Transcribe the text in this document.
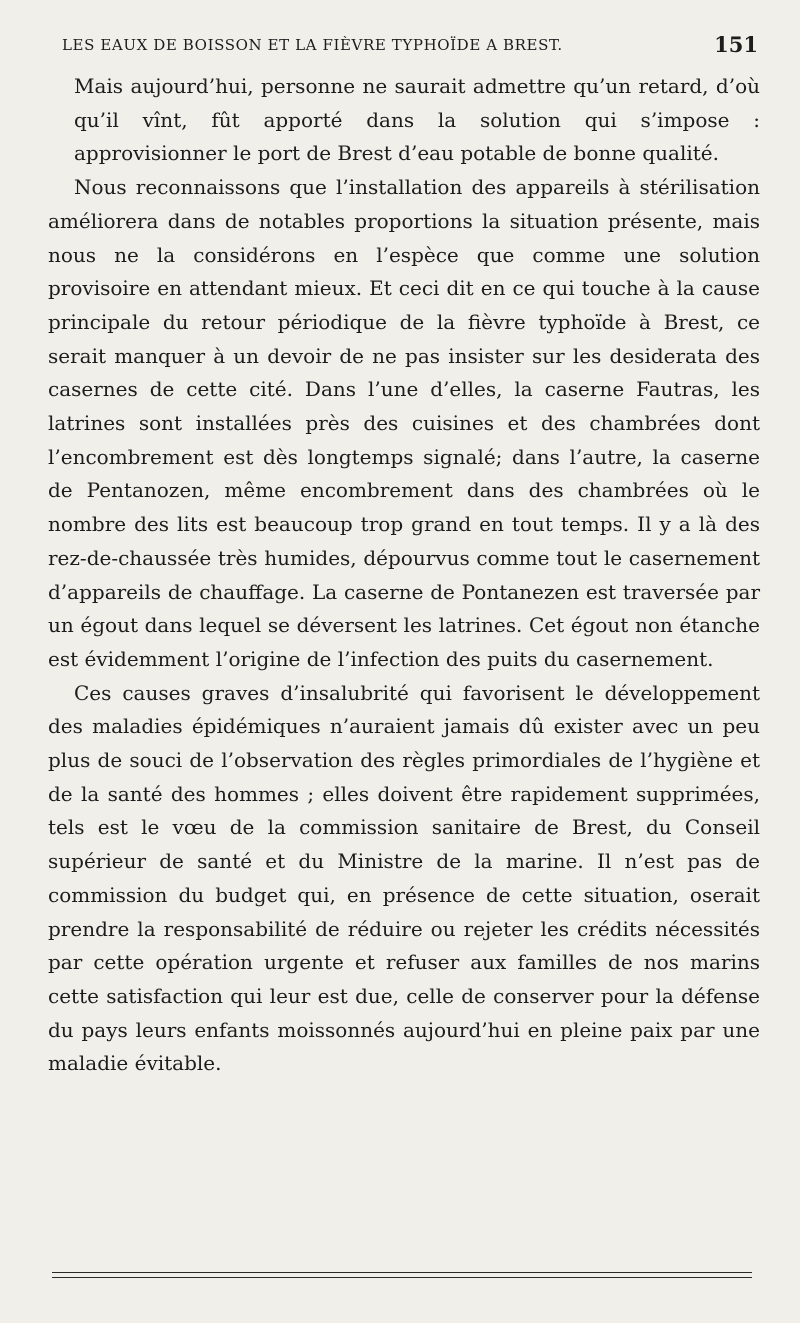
LES EAUX DE BOISSON ET LA FIÈVRE TYPHOÏDE A BREST.	151

Mais aujourd’hui, personne ne saurait admettre qu’un retard, d’où qu’il vînt, fût apporté dans la solution qui s’impose : approvisionner le port de Brest d’eau potable de bonne qualité.

Nous reconnaissons que l’installation des appareils à stérilisation améliorera dans de notables proportions la situation présente, mais nous ne la considérons en l’espèce que comme une solution provisoire en attendant mieux. Et ceci dit en ce qui touche à la cause principale du retour périodique de la fièvre typhoïde à Brest, ce serait manquer à un devoir de ne pas insister sur les desiderata des casernes de cette cité. Dans l’une d’elles, la caserne Fautras, les latrines sont installées près des cuisines et des chambrées dont l’encombrement est dès longtemps signalé; dans l’autre, la caserne de Pentanozen, même encombrement dans des chambrées où le nombre des lits est beaucoup trop grand en tout temps. Il y a là des rez-de-chaussée très humides, dépourvus comme tout le casernement d’appareils de chauffage. La caserne de Pontanezen est traversée par un égout dans lequel se déversent les latrines. Cet égout non étanche est évidemment l’origine de l’infection des puits du casernement.

Ces causes graves d’insalubrité qui favorisent le développement des maladies épidémiques n’auraient jamais dû exister avec un peu plus de souci de l’observation des règles primordiales de l’hygiène et de la santé des hommes ; elles doivent être rapidement supprimées, tels est le vœu de la commission sanitaire de Brest, du Conseil supérieur de santé et du Ministre de la marine. Il n’est pas de commission du budget qui, en présence de cette situation, oserait prendre la responsabilité de réduire ou rejeter les crédits nécessités par cette opération urgente et refuser aux familles de nos marins cette satisfaction qui leur est due, celle de conserver pour la défense du pays leurs enfants moissonnés aujourd’hui en pleine paix par une maladie évitable.
